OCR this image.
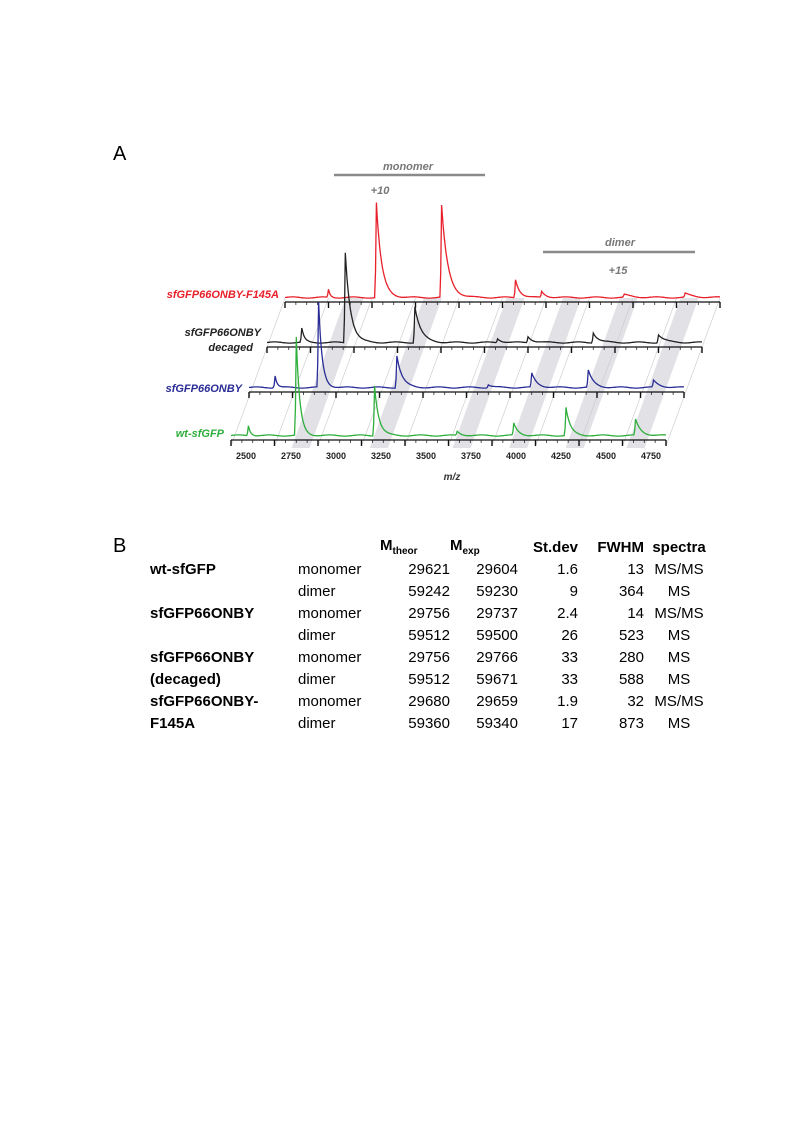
A
B
monomer
+10
dimer
+15
sfGFP66ONBY-F145A
sfGFP66ONBY
decaged
sfGFP66ONBY
wt-sfGFP
2500	2750	3000	3250	3500	3750	4000	4250	4500	4750
m/z
		$M_{theor}$	$M_{exp}$	St.dev	FWHM	spectra
wt-sfGFP	monomer	29621	29604	1.6	13	MS/MS
	dimer	59242	59230	9	364	MS
sfGFP66ONBY	monomer	29756	29737	2.4	14	MS/MS
	dimer	59512	59500	26	523	MS
sfGFP66ONBY	monomer	29756	29766	33	280	MS
(decaged)	dimer	59512	59671	33	588	MS
sfGFP66ONBY-	monomer	29680	29659	1.9	32	MS/MS
F145A	dimer	59360	59340	17	873	MS
